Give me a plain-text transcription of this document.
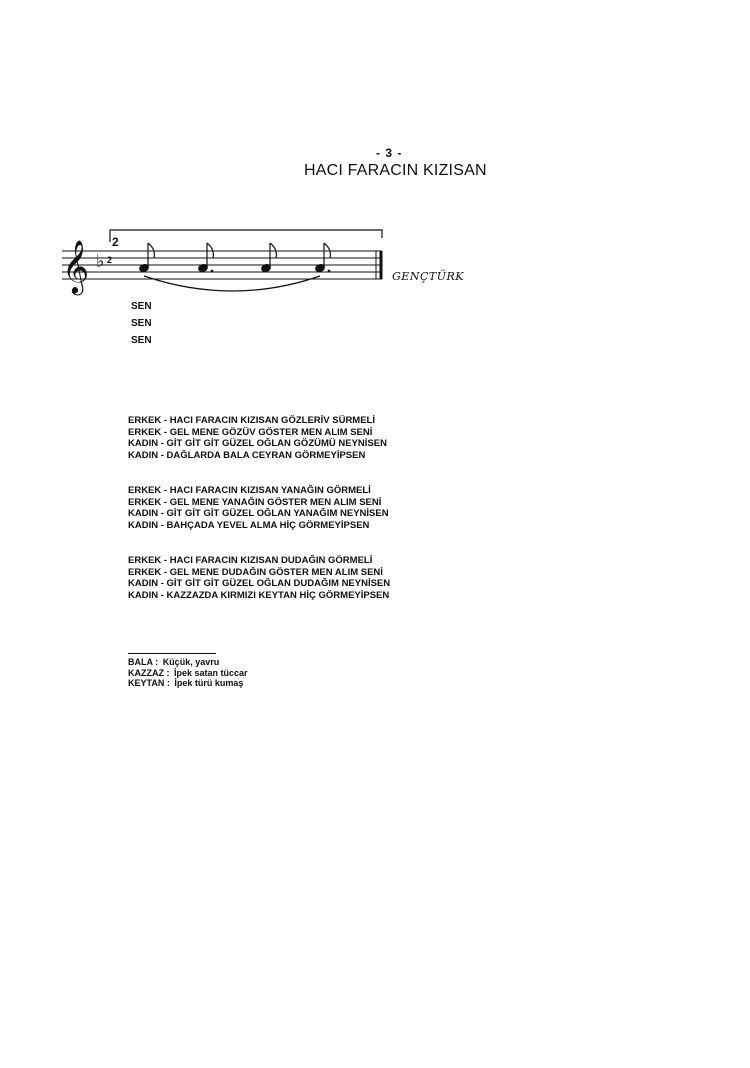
- 3 -
HACI FARACIN KIZISAN
2
𝄞 ♭ 2
GENÇTÜRK
SEN
SEN
SEN
ERKEK - HACI FARACIN KIZISAN GÖZLERİV SÜRMELİ
ERKEK - GEL MENE GÖZÜV GÖSTER MEN ALIM SENİ
KADIN - GİT GİT GİT GÜZEL OĞLAN GÖZÜMÜ NEYNİSEN
KADIN - DAĞLARDA BALA CEYRAN GÖRMEYİPSEN
ERKEK - HACI FARACIN KIZISAN YANAĞIN GÖRMELİ
ERKEK - GEL MENE YANAĞIN GÖSTER MEN ALIM SENİ
KADIN - GİT GİT GİT GÜZEL OĞLAN YANAĞIM NEYNİSEN
KADIN - BAHÇADA YEVEL ALMA HİÇ GÖRMEYİPSEN
ERKEK - HACI FARACIN KIZISAN DUDAĞIN GÖRMELİ
ERKEK - GEL MENE DUDAĞIN GÖSTER MEN ALIM SENİ
KADIN - GİT GİT GİT GÜZEL OĞLAN DUDAĞIM NEYNİSEN
KADIN - KAZZAZDA KIRMIZI KEYTAN HİÇ GÖRMEYİPSEN
BALA : Küçük, yavru
KAZZAZ : İpek satan tüccar
KEYTAN : İpek türü kumaş
